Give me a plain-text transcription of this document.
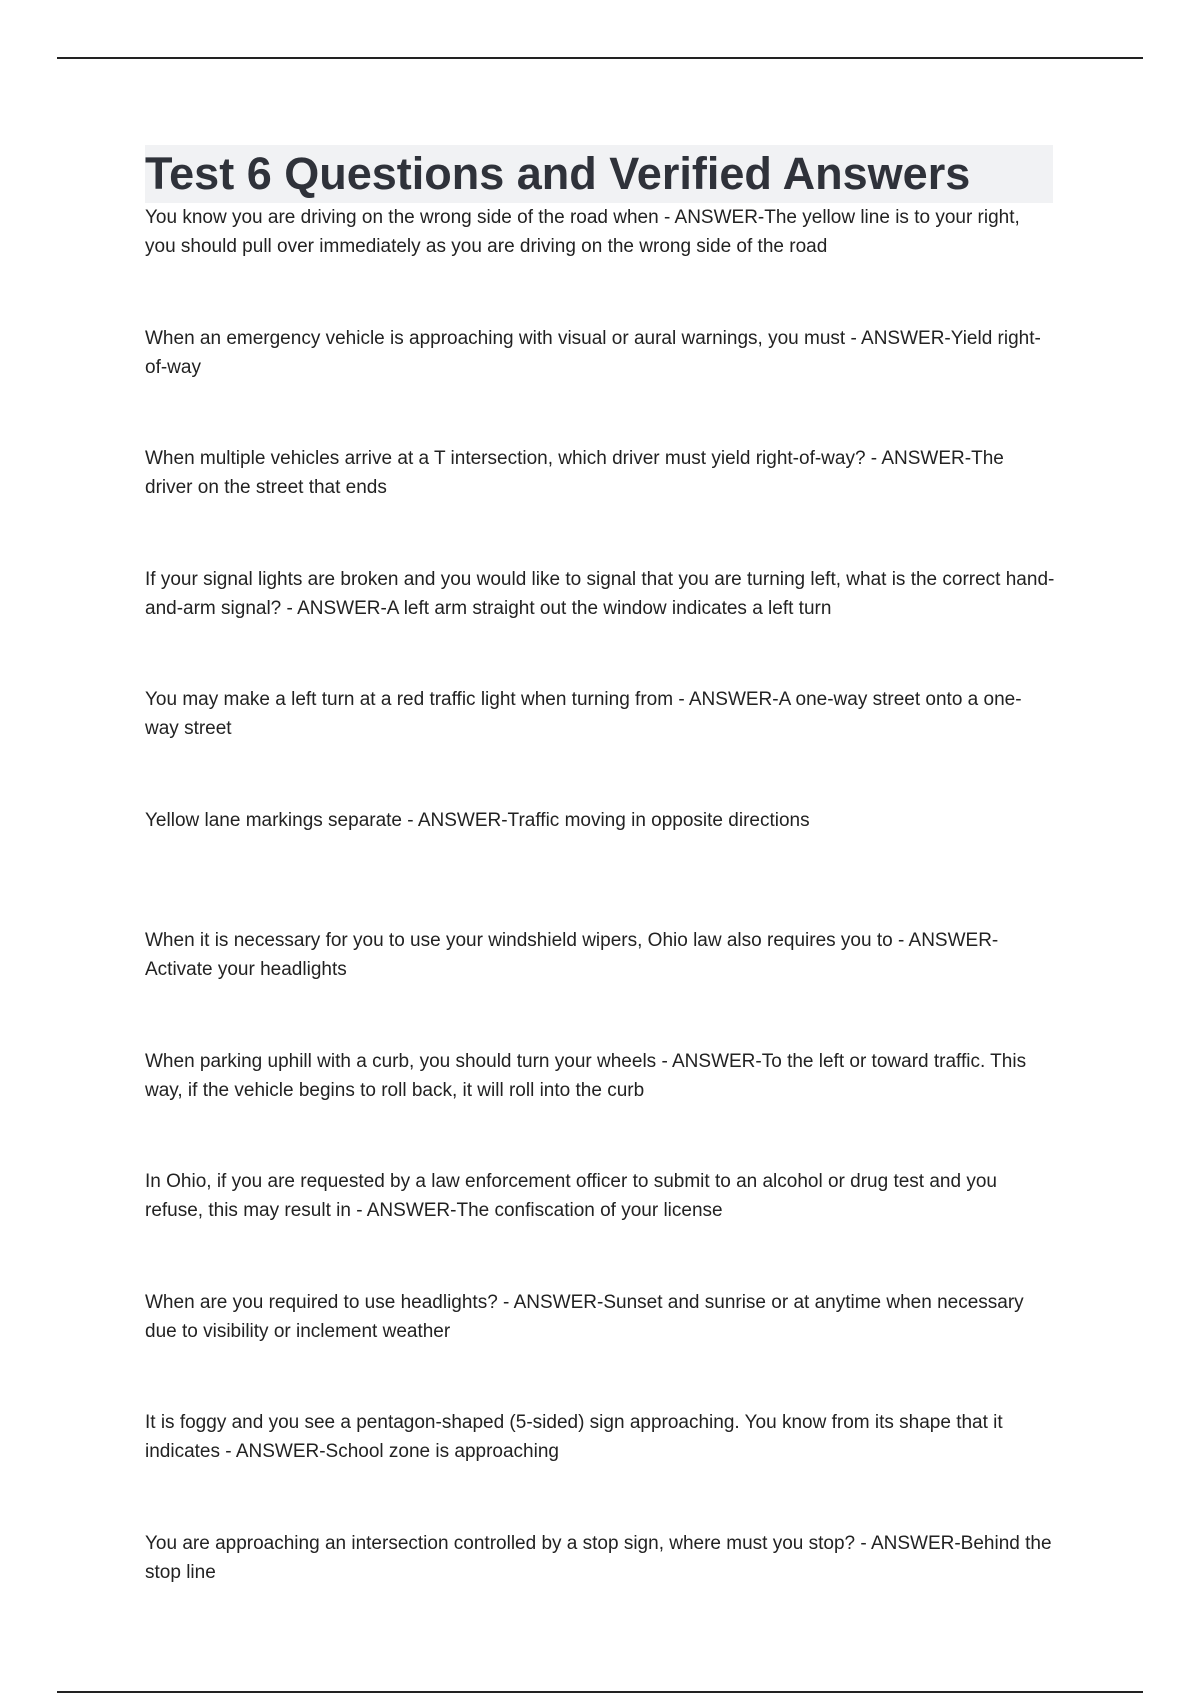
Test 6 Questions and Verified Answers
You know you are driving on the wrong side of the road when - ANSWER-The yellow line is to your right, you should pull over immediately as you are driving on the wrong side of the road
When an emergency vehicle is approaching with visual or aural warnings, you must - ANSWER-Yield right-of-way
When multiple vehicles arrive at a T intersection, which driver must yield right-of-way? - ANSWER-The driver on the street that ends
If your signal lights are broken and you would like to signal that you are turning left, what is the correct hand-and-arm signal? - ANSWER-A left arm straight out the window indicates a left turn
You may make a left turn at a red traffic light when turning from - ANSWER-A one-way street onto a one-way street
Yellow lane markings separate - ANSWER-Traffic moving in opposite directions
When it is necessary for you to use your windshield wipers, Ohio law also requires you to - ANSWER-Activate your headlights
When parking uphill with a curb, you should turn your wheels - ANSWER-To the left or toward traffic. This way, if the vehicle begins to roll back, it will roll into the curb
In Ohio, if you are requested by a law enforcement officer to submit to an alcohol or drug test and you refuse, this may result in - ANSWER-The confiscation of your license
When are you required to use headlights? - ANSWER-Sunset and sunrise or at anytime when necessary due to visibility or inclement weather
It is foggy and you see a pentagon-shaped (5-sided) sign approaching. You know from its shape that it indicates - ANSWER-School zone is approaching
You are approaching an intersection controlled by a stop sign, where must you stop? - ANSWER-Behind the stop line
